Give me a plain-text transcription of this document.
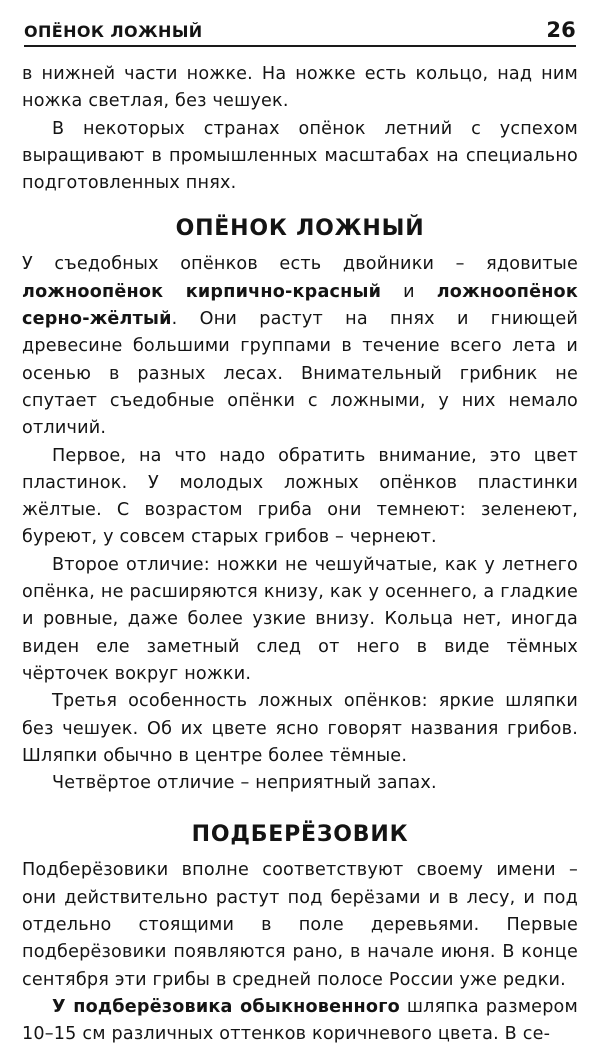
ОПЁНОК ЛОЖНЫЙ	26

в нижней части ножке. На ножке есть кольцо, над ним ножка светлая, без чешуек.

В некоторых странах опёнок летний с успехом выращивают в промышленных масштабах на специально подготовленных пнях.

ОПЁНОК ЛОЖНЫЙ

У съедобных опёнков есть двойники – ядовитые ложноопёнок кирпично-красный и ложноопёнок серно-жёлтый. Они растут на пнях и гниющей древесине большими группами в течение всего лета и осенью в разных лесах. Внимательный грибник не спутает съедобные опёнки с ложными, у них немало отличий.

Первое, на что надо обратить внимание, это цвет пластинок. У молодых ложных опёнков пластинки жёлтые. С возрастом гриба они темнеют: зеленеют, буреют, у совсем старых грибов – чернеют.

Второе отличие: ножки не чешуйчатые, как у летнего опёнка, не расширяются книзу, как у осеннего, а гладкие и ровные, даже более узкие внизу. Кольца нет, иногда виден еле заметный след от него в виде тёмных чёрточек вокруг ножки.

Третья особенность ложных опёнков: яркие шляпки без чешуек. Об их цвете ясно говорят названия грибов. Шляпки обычно в центре более тёмные.

Четвёртое отличие – неприятный запах.

ПОДБЕРЁЗОВИК

Подберёзовики вполне соответствуют своему имени – они действительно растут под берёзами и в лесу, и под отдельно стоящими в поле деревьями. Первые подберёзовики появляются рано, в начале июня. В конце сентября эти грибы в средней полосе России уже редки.

У подберёзовика обыкновенного шляпка размером 10–15 см различных оттенков коричневого цвета. В се-
